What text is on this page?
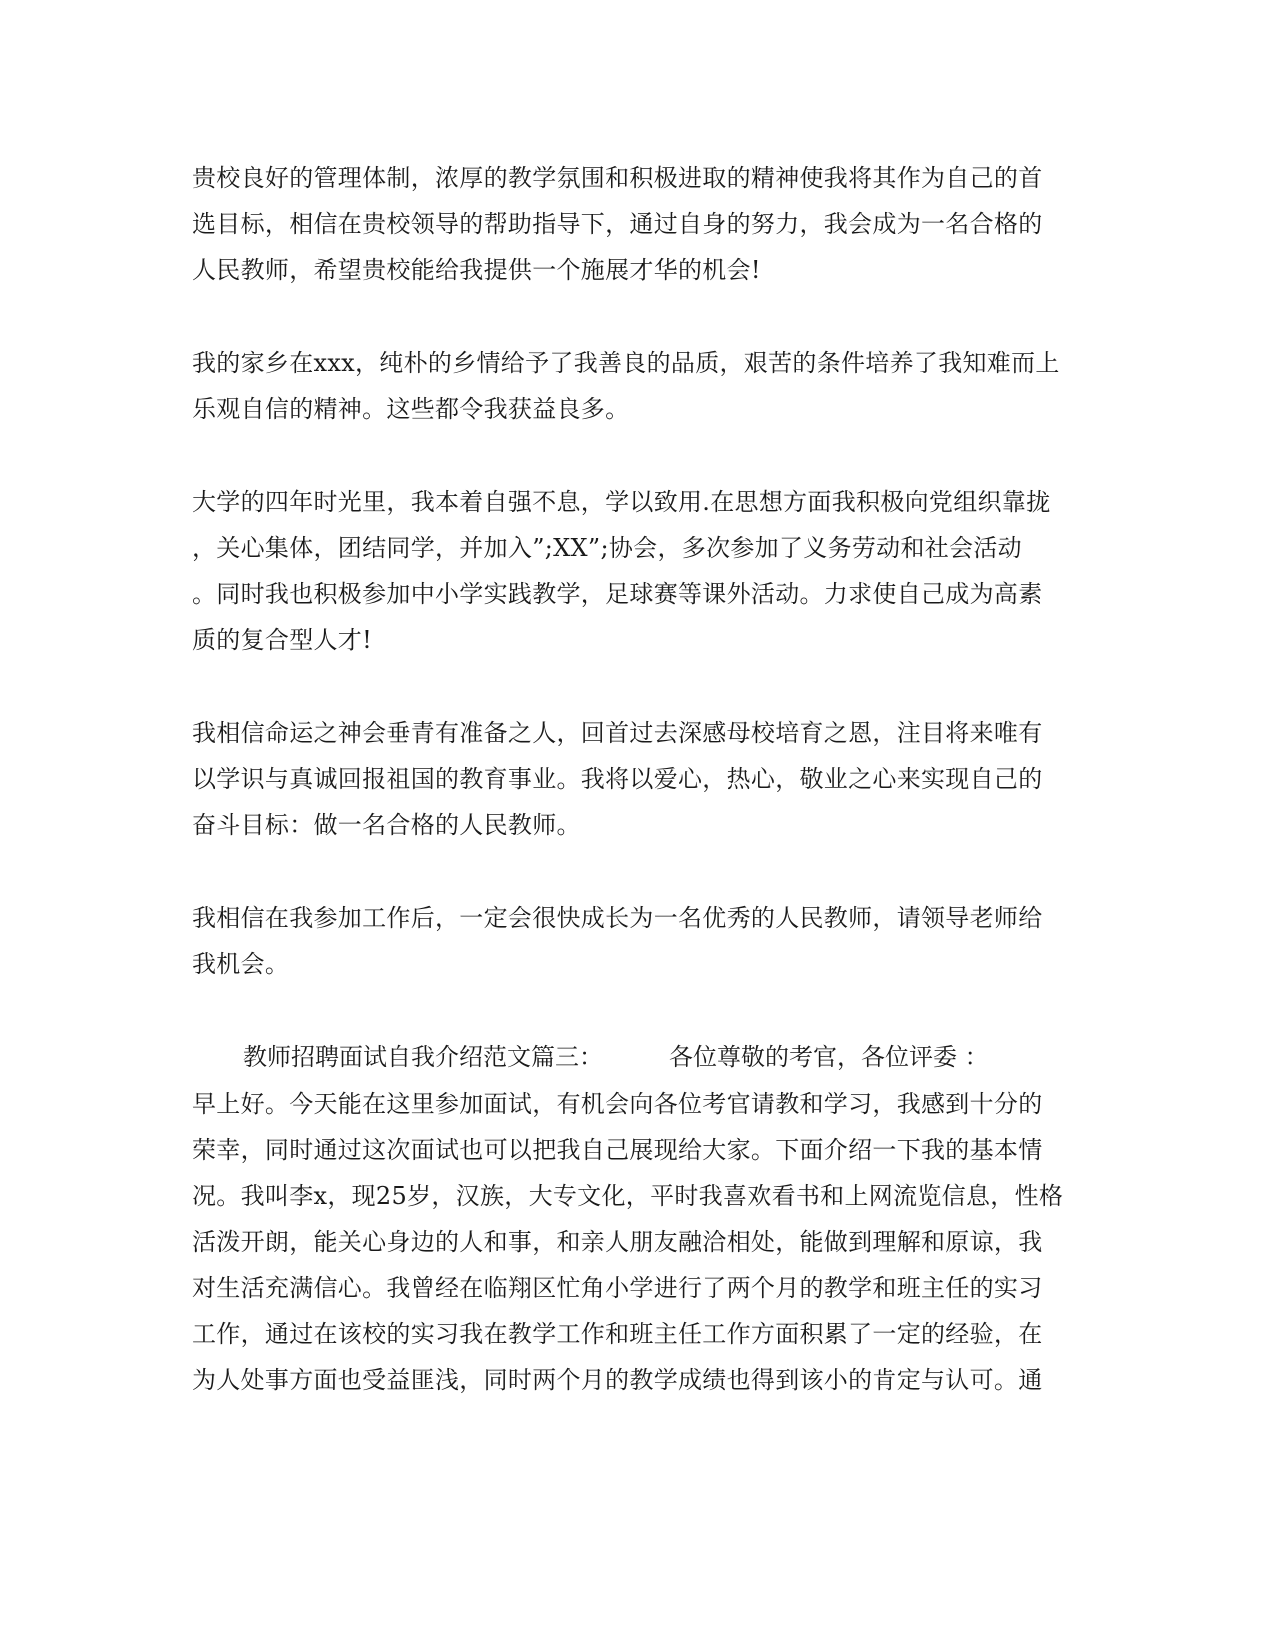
贵校良好的管理体制，浓厚的教学氛围和积极进取的精神使我将其作为自己的首
选目标，相信在贵校领导的帮助指导下，通过自身的努力，我会成为一名合格的
人民教师，希望贵校能给我提供一个施展才华的机会!
我的家乡在xxx，纯朴的乡情给予了我善良的品质，艰苦的条件培养了我知难而上
乐观自信的精神。这些都令我获益良多。
大学的四年时光里，我本着自强不息，学以致用.在思想方面我积极向党组织靠拢
，关心集体，团结同学，并加入”;XX”;协会，多次参加了义务劳动和社会活动
。同时我也积极参加中小学实践教学，足球赛等课外活动。力求使自己成为高素
质的复合型人才!
我相信命运之神会垂青有准备之人，回首过去深感母校培育之恩，注目将来唯有
以学识与真诚回报祖国的教育事业。我将以爱心，热心，敬业之心来实现自己的
奋斗目标：做一名合格的人民教师。
我相信在我参加工作后，一定会很快成长为一名优秀的人民教师，请领导老师给
我机会。
教师招聘面试自我介绍范文篇三：	各位尊敬的考官，各位评委 ：
早上好。今天能在这里参加面试，有机会向各位考官请教和学习，我感到十分的
荣幸，同时通过这次面试也可以把我自己展现给大家。下面介绍一下我的基本情
况。我叫李x，现25岁，汉族，大专文化，平时我喜欢看书和上网流览信息，性格
活泼开朗，能关心身边的人和事，和亲人朋友融洽相处，能做到理解和原谅，我
对生活充满信心。我曾经在临翔区忙角小学进行了两个月的教学和班主任的实习
工作，通过在该校的实习我在教学工作和班主任工作方面积累了一定的经验，在
为人处事方面也受益匪浅，同时两个月的教学成绩也得到该小的肯定与认可。通
